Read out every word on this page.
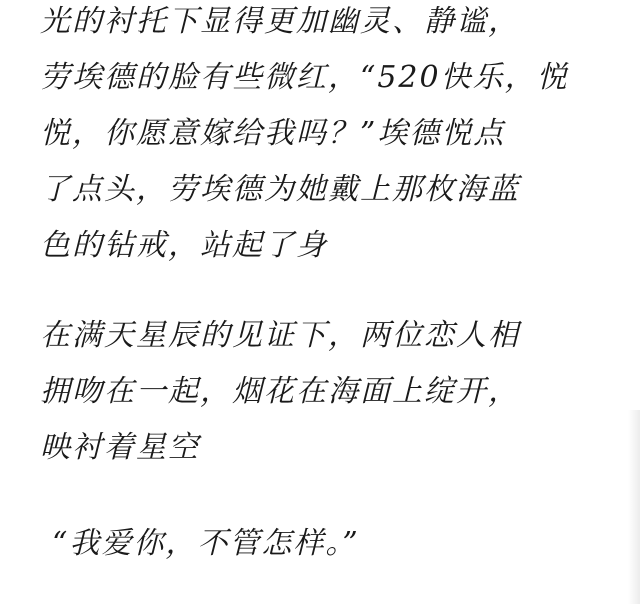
光的衬托下显得更加幽灵、静谧，
劳埃德的脸有些微红，“520快乐，悦
悦，你愿意嫁给我吗？”埃德悦点
了点头，劳埃德为她戴上那枚海蓝
色的钻戒，站起了身
在满天星辰的见证下，两位恋人相
拥吻在一起，烟花在海面上绽开，
映衬着星空
“我爱你，不管怎样。”
